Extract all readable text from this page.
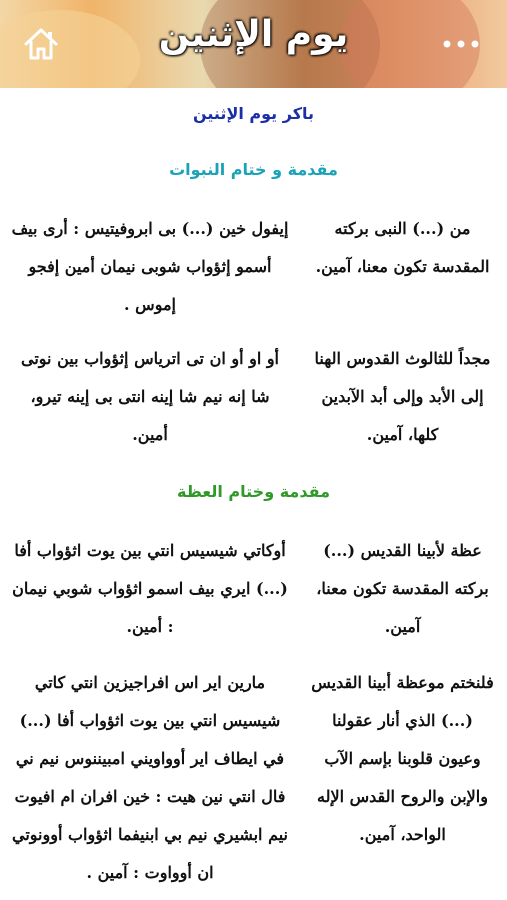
يوم الإثنين
باكر يوم الإثنين
مقدمة و ختام النبوات
من (...) النبى بركته المقدسة تكون معنا، آمين.
إيفول خين (...) بى ابروفيتيس : أرى بيف أسمو إثؤواب شوبى نيمان أمين إفجو إموس .
مجداً للثالوث القدوس الهنا إلى الأبد وإلى أبد الآبدين كلها، آمين.
أو او أو ان تى اترياس إثؤواب بين نوتى شا إنه نيم شا إينه انتى بى إينه تيرو، أمين.
مقدمة وختام العظة
عظة لأبينا القديس (...) بركته المقدسة تكون معنا، آمين.
أوكاتي شيسيس انتي بين يوت اثؤواب أفا (...) ايري بيف اسمو اثؤواب شوبي نيمان : أمين.
فلنختم موعظة أبينا القديس (...) الذي أنار عقولنا وعيون قلوبنا بإسم الآب والإبن والروح القدس الإله الواحد، آمين.
مارين اير اس افراجيزين انتي كاتي شيسيس انتي بين يوت اثؤواب أفا (...) في ايطاف اير أوواويني امبيننوس نيم ني فال انتي نين هيت : خين افران ام افيوت نيم ابشيري نيم بي ابنيفما اثؤواب أوونوتي ان أوواوت : آمين .
